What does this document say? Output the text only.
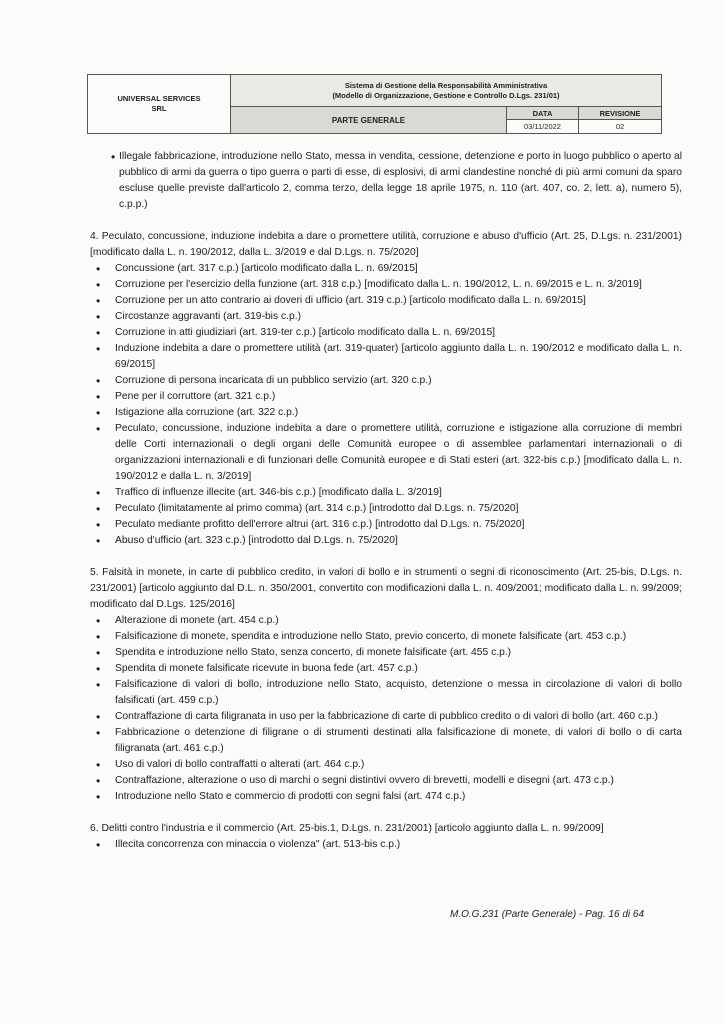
UNIVERSAL SERVICES SRL	Sistema di Gestione della Responsabilità Amministrativa
(Modello di Organizzazione, Gestione e Controllo D.Lgs. 231/01)		

	PARTE GENERALE	DATA	REVISIONE
		03/11/2022	02
• Illegale fabbricazione, introduzione nello Stato, messa in vendita, cessione, detenzione e porto in luogo pubblico o aperto al pubblico di armi da guerra o tipo guerra o parti di esse, di esplosivi, di armi clandestine nonché di più armi comuni da sparo escluse quelle previste dall'articolo 2, comma terzo, della legge 18 aprile 1975, n. 110 (art. 407, co. 2, lett. a), numero 5), c.p.p.)

4. Peculato, concussione, induzione indebita a dare o promettere utilità, corruzione e abuso d'ufficio (Art. 25, D.Lgs. n. 231/2001) [modificato dalla L. n. 190/2012, dalla L. 3/2019 e dal D.Lgs. n. 75/2020]

• Concussione (art. 317 c.p.) [articolo modificato dalla L. n. 69/2015]
• Corruzione per l'esercizio della funzione (art. 318 c.p.) [modificato dalla L. n. 190/2012, L. n. 69/2015 e L. n. 3/2019]
• Corruzione per un atto contrario ai doveri di ufficio (art. 319 c.p.) [articolo modificato dalla L. n. 69/2015]
• Circostanze aggravanti (art. 319-bis c.p.)
• Corruzione in atti giudiziari (art. 319-ter c.p.) [articolo modificato dalla L. n. 69/2015]
• Induzione indebita a dare o promettere utilità (art. 319-quater) [articolo aggiunto dalla L. n. 190/2012 e modificato dalla L. n. 69/2015]
• Corruzione di persona incaricata di un pubblico servizio (art. 320 c.p.)
• Pene per il corruttore (art. 321 c.p.)
• Istigazione alla corruzione (art. 322 c.p.)
• Peculato, concussione, induzione indebita a dare o promettere utilità, corruzione e istigazione alla corruzione di membri delle Corti internazionali o degli organi delle Comunità europee o di assemblee parlamentari internazionali o di organizzazioni internazionali e di funzionari delle Comunità europee e di Stati esteri (art. 322-bis c.p.) [modificato dalla L. n. 190/2012 e dalla L. n. 3/2019]
• Traffico di influenze illecite (art. 346-bis c.p.) [modificato dalla L. 3/2019]
• Peculato (limitatamente al primo comma) (art. 314 c.p.) [introdotto dal D.Lgs. n. 75/2020]
• Peculato mediante profitto dell'errore altrui (art. 316 c.p.) [introdotto dal D.Lgs. n. 75/2020]
• Abuso d'ufficio (art. 323 c.p.) [introdotto dal D.Lgs. n. 75/2020]

5. Falsità in monete, in carte di pubblico credito, in valori di bollo e in strumenti o segni di riconoscimento (Art. 25-bis, D.Lgs. n. 231/2001) [articolo aggiunto dal D.L. n. 350/2001, convertito con modificazioni dalla L. n. 409/2001; modificato dalla L. n. 99/2009; modificato dal D.Lgs. 125/2016]

• Alterazione di monete (art. 454 c.p.)
• Falsificazione di monete, spendita e introduzione nello Stato, previo concerto, di monete falsificate (art. 453 c.p.)
• Spendita e introduzione nello Stato, senza concerto, di monete falsificate (art. 455 c.p.)
• Spendita di monete falsificate ricevute in buona fede (art. 457 c.p.)
• Falsificazione di valori di bollo, introduzione nello Stato, acquisto, detenzione o messa in circolazione di valori di bollo falsificati (art. 459 c.p.)
• Contraffazione di carta filigranata in uso per la fabbricazione di carte di pubblico credito o di valori di bollo (art. 460 c.p.)
• Fabbricazione o detenzione di filigrane o di strumenti destinati alla falsificazione di monete, di valori di bollo o di carta filigranata (art. 461 c.p.)
• Uso di valori di bollo contraffatti o alterati (art. 464 c.p.)
• Contraffazione, alterazione o uso di marchi o segni distintivi ovvero di brevetti, modelli e disegni (art. 473 c.p.)
• Introduzione nello Stato e commercio di prodotti con segni falsi (art. 474 c.p.)

6. Delitti contro l'industria e il commercio (Art. 25-bis.1, D.Lgs. n. 231/2001) [articolo aggiunto dalla L. n. 99/2009]

• Illecita concorrenza con minaccia o violenza" (art. 513-bis c.p.)
M.O.G.231 (Parte Generale) - Pag. 16 di 64
